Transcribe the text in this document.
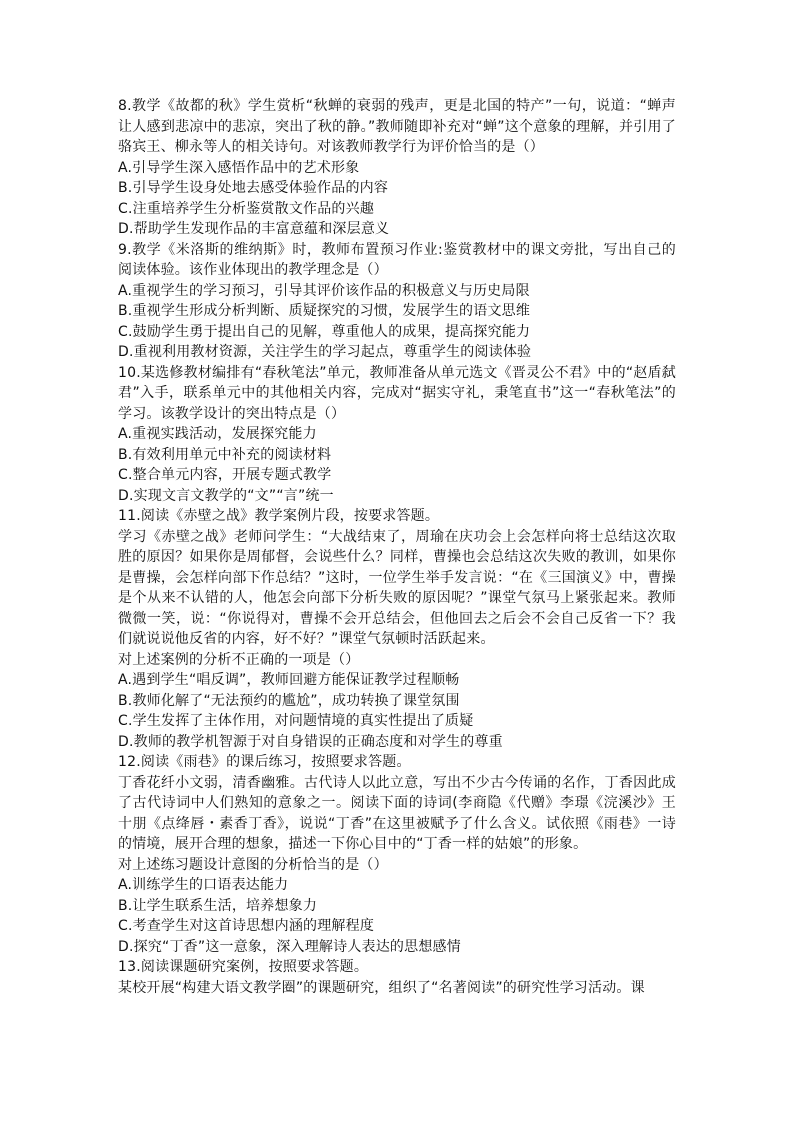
8.教学《故都的秋》学生赏析“秋蝉的衰弱的残声，更是北国的特产”一句，说道：“蝉声让人感到悲凉中的悲凉，突出了秋的静。”教师随即补充对“蝉”这个意象的理解，并引用了骆宾王、柳永等人的相关诗句。对该教师教学行为评价恰当的是（）

A.引导学生深入感悟作品中的艺术形象

B.引导学生设身处地去感受体验作品的内容

C.注重培养学生分析鉴赏散文作品的兴趣

D.帮助学生发现作品的丰富意蕴和深层意义

9.教学《米洛斯的维纳斯》时，教师布置预习作业:鉴赏教材中的课文旁批，写出自己的阅读体验。该作业体现出的教学理念是（）

A.重视学生的学习预习，引导其评价该作品的积极意义与历史局限

B.重视学生形成分析判断、质疑探究的习惯，发展学生的语文思维

C.鼓励学生勇于提出自己的见解，尊重他人的成果，提高探究能力

D.重视利用教材资源，关注学生的学习起点，尊重学生的阅读体验

10.某选修教材编排有“春秋笔法”单元，教师准备从单元选文《晋灵公不君》中的“赵盾弑君”入手，联系单元中的其他相关内容，完成对“据实守礼，秉笔直书”这一“春秋笔法”的学习。该教学设计的突出特点是（）

A.重视实践活动，发展探究能力

B.有效利用单元中补充的阅读材料

C.整合单元内容，开展专题式教学

D.实现文言文教学的“文”“言”统一

11.阅读《赤壁之战》教学案例片段，按要求答题。

学习《赤壁之战》老师问学生：“大战结束了，周瑜在庆功会上会怎样向将士总结这次取胜的原因？如果你是周郁督，会说些什么？同样，曹操也会总结这次失败的教训，如果你是曹操，会怎样向部下作总结？”这时，一位学生举手发言说：“在《三国演义》中，曹操是个从来不认错的人，他怎会向部下分析失败的原因呢？”课堂气氛马上紧张起来。教师微微一笑，说：“你说得对，曹操不会开总结会，但他回去之后会不会自己反省一下？我们就说说他反省的内容，好不好？”课堂气氛顿时活跃起来。

对上述案例的分析不正确的一项是（）

A.遇到学生“唱反调”，教师回避方能保证教学过程顺畅

B.教师化解了“无法预约的尴尬”，成功转换了课堂氛围

C.学生发挥了主体作用，对问题情境的真实性提出了质疑

D.教师的教学机智源于对自身错误的正确态度和对学生的尊重

12.阅读《雨巷》的课后练习，按照要求答题。

丁香花纤小文弱，清香幽雅。古代诗人以此立意，写出不少古今传诵的名作，丁香因此成了古代诗词中人们熟知的意象之一。阅读下面的诗词(李商隐《代赠》李璟《浣溪沙》王十朋《点绛唇・素香丁香》，说说“丁香”在这里被赋予了什么含义。试依照《雨巷》一诗的情境，展开合理的想象，描述一下你心目中的“丁香一样的姑娘”的形象。

对上述练习题设计意图的分析恰当的是（）

A.训练学生的口语表达能力

B.让学生联系生活，培养想象力

C.考查学生对这首诗思想内涵的理解程度

D.探究“丁香”这一意象，深入理解诗人表达的思想感情

13.阅读课题研究案例，按照要求答题。

某校开展“构建大语文教学圈”的课题研究，组织了“名著阅读”的研究性学习活动。课
